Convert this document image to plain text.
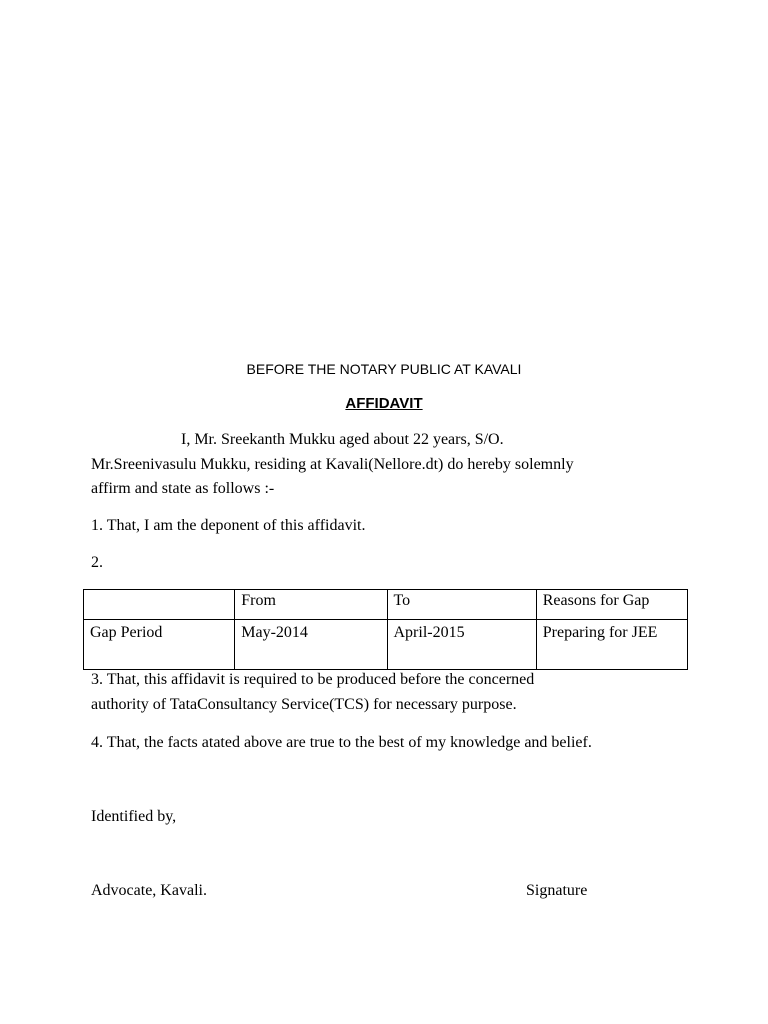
BEFORE THE NOTARY PUBLIC AT KAVALI
AFFIDAVIT
I, Mr. Sreekanth Mukku aged about 22 years, S/O.
Mr.Sreenivasulu Mukku, residing at Kavali(Nellore.dt) do hereby solemnly
affirm and state as follows :-
1. That, I am the deponent of this affidavit.
2.
	From	To	Reasons for Gap
Gap Period	May-2014	April-2015	Preparing for JEE
3. That, this affidavit is required to be produced before the concerned
authority of TataConsultancy Service(TCS) for necessary purpose.
4. That, the facts atated above are true to the best of my knowledge and belief.
Identified by,
Advocate, Kavali.	Signature
